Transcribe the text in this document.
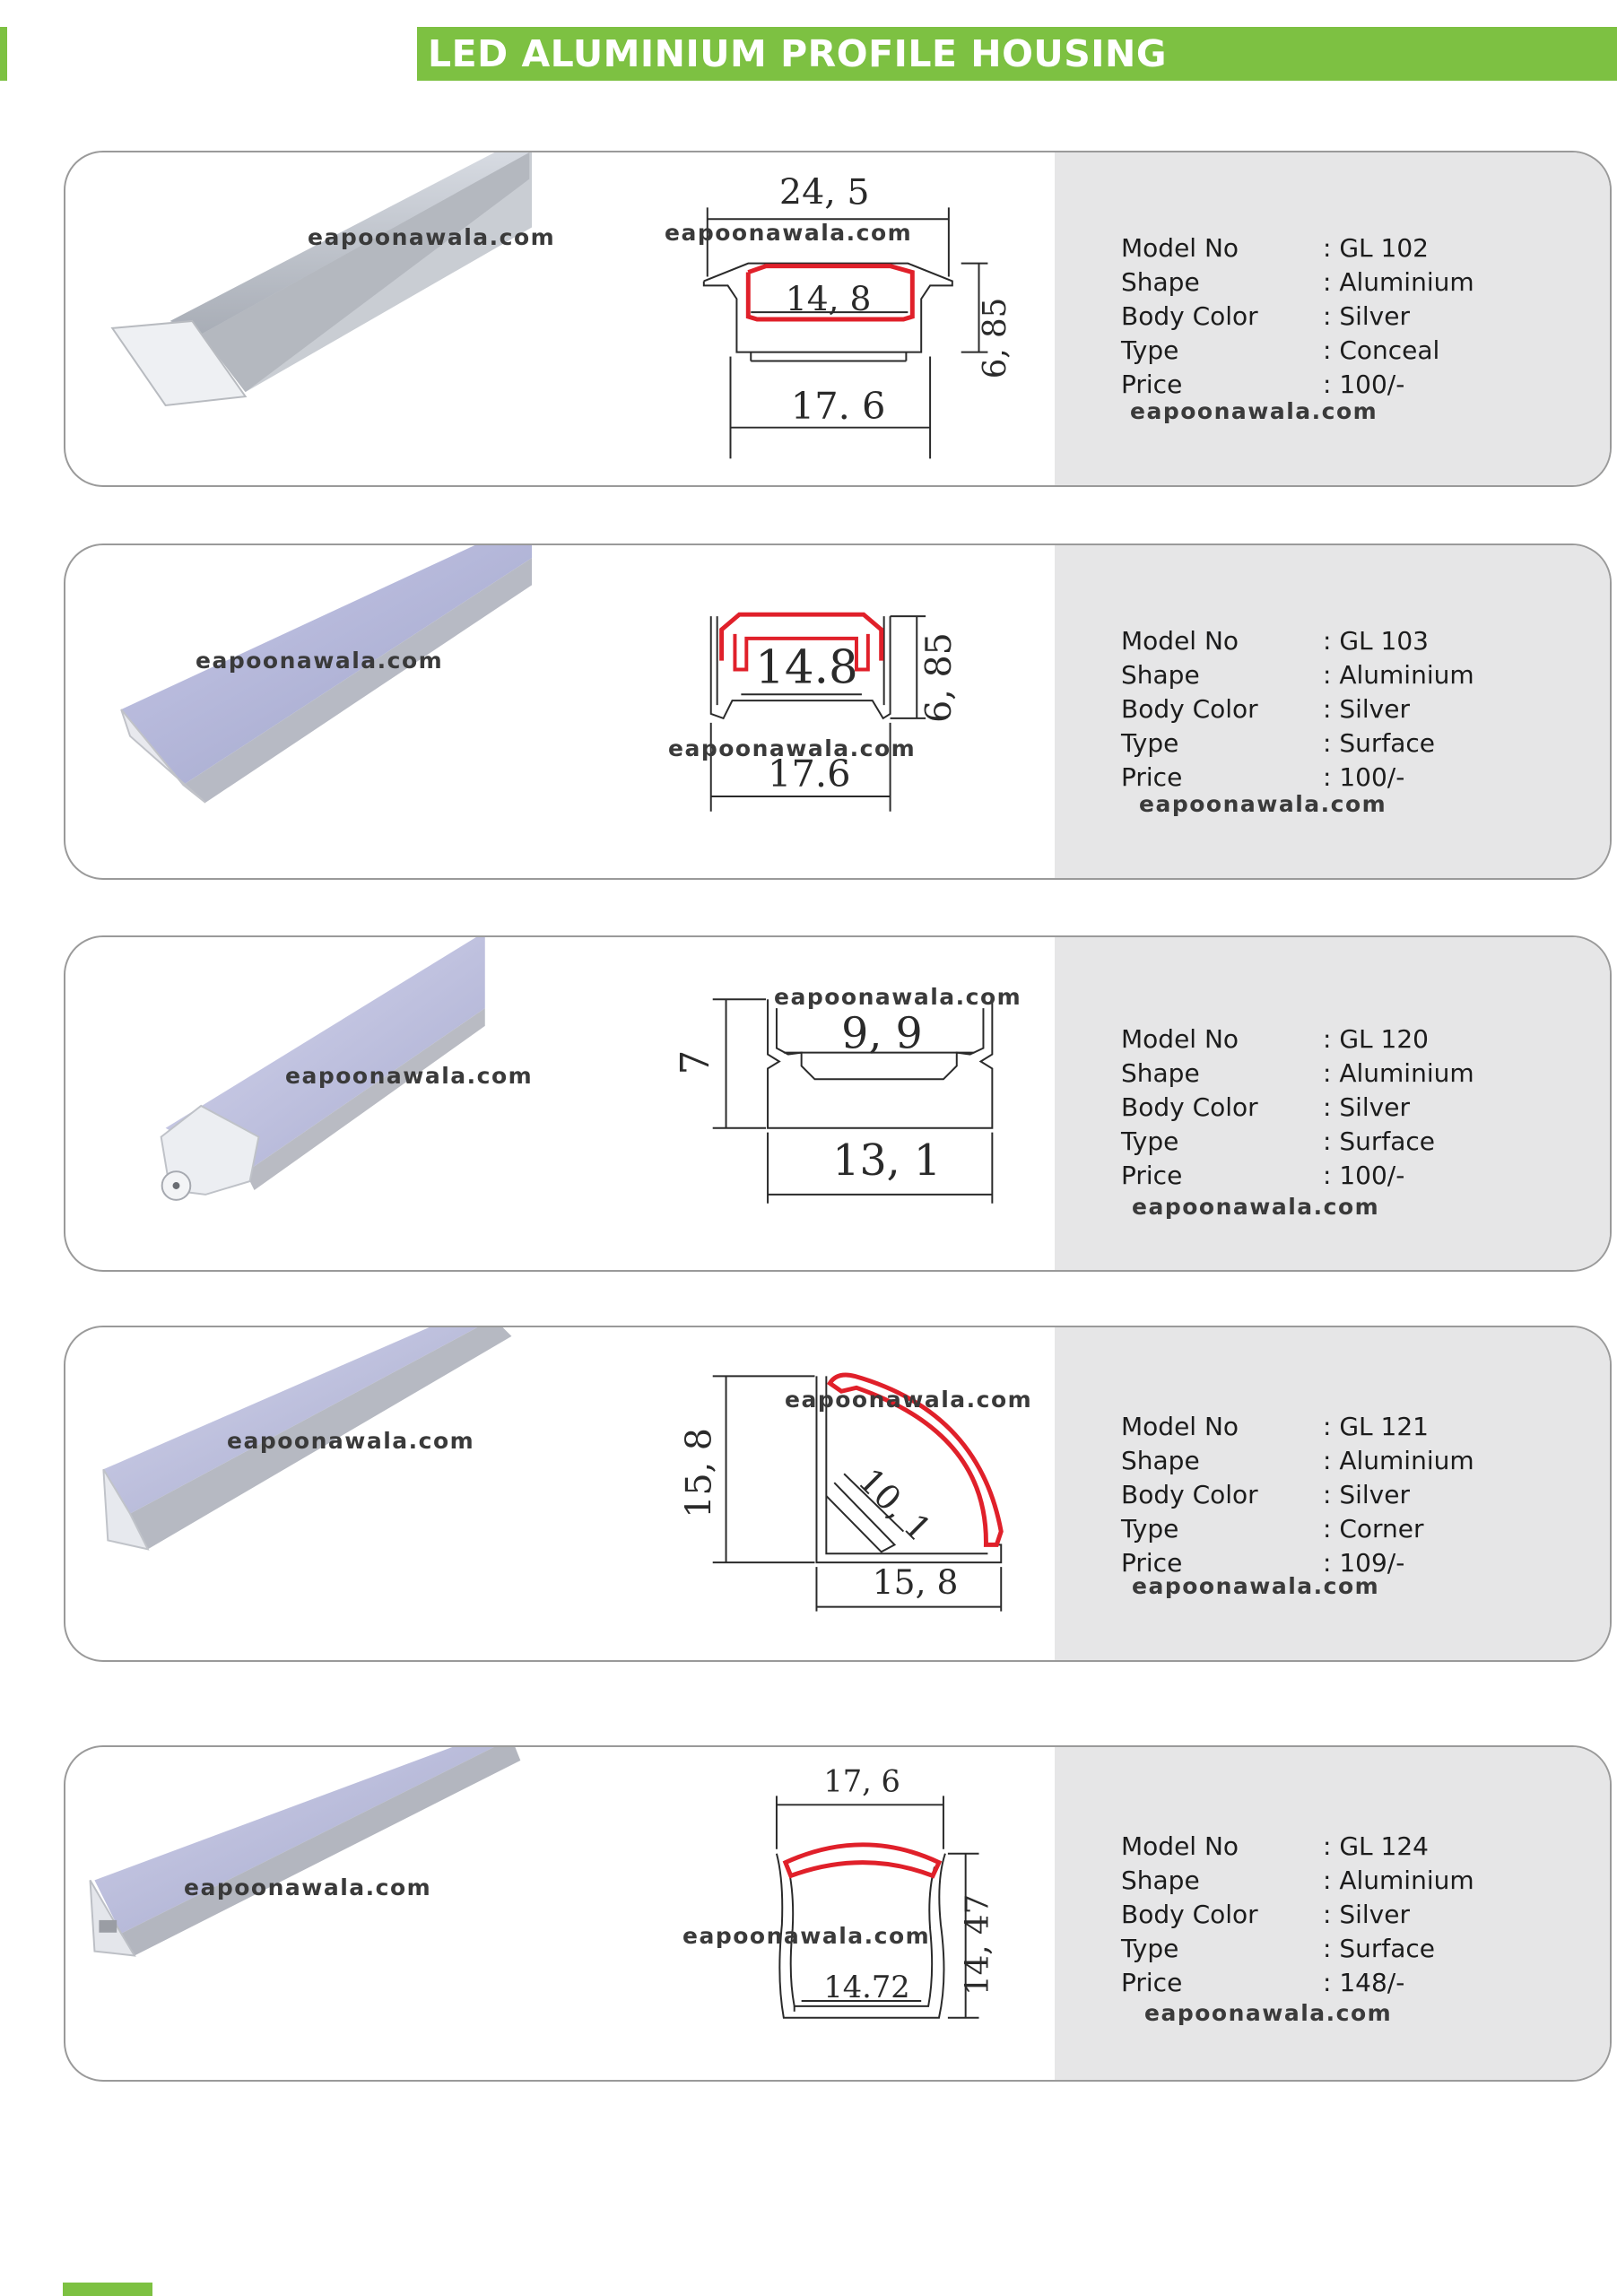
LED ALUMINIUM PROFILE HOUSING
eapoonawala.com
24, 5
14, 8	6, 85
17. 6
eapoonawala.com
Model No	: GL 102
Shape	: Aluminium
Body Color	: Silver
Type	: Conceal
Price	: 100/-
eapoonawala.com
eapoonawala.com	14.8 6, 85
17.6
eapoonawala.com
Model No	: GL 103
Shape	: Aluminium
Body Color	: Silver
Type	: Surface
Price	: 100/-
eapoonawala.com
eapoonawala.com
9, 9
7
13, 1
eapoonawala.com
Model No	: GL 120
Shape	: Aluminium
Body Color	: Silver
Type	: Surface
Price	: 100/-
eapoonawala.com
eapoonawala.com	15, 8	10, 1
15, 8
eapoonawala.com
Model No	: GL 121
Shape	: Aluminium
Body Color	: Silver
Type	: Corner
Price	: 109/-
eapoonawala.com
eapoonawala.com
17, 6
14, 47
14.72
eapoonawala.com
Model No	: GL 124
Shape	: Aluminium
Body Color	: Silver
Type	: Surface
Price	: 148/-
eapoonawala.com
